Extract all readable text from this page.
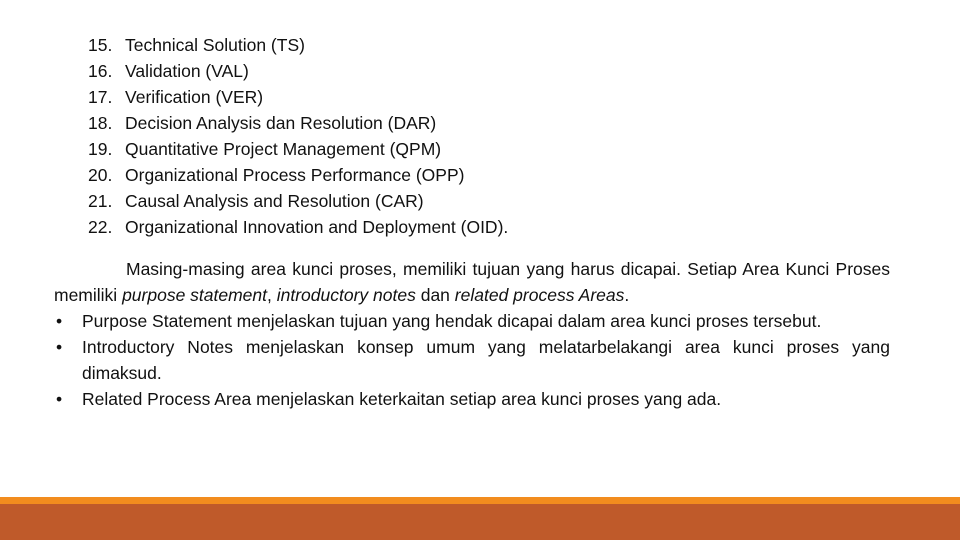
15. Technical Solution (TS)
16. Validation (VAL)
17. Verification (VER)
18. Decision Analysis dan Resolution (DAR)
19. Quantitative Project Management (QPM)
20. Organizational Process Performance (OPP)
21. Causal Analysis and Resolution (CAR)
22. Organizational Innovation and Deployment (OID).

Masing-masing area kunci proses, memiliki tujuan yang harus dicapai. Setiap Area Kunci Proses memiliki purpose statement, introductory notes dan related process Areas.

•	Purpose Statement menjelaskan tujuan yang hendak dicapai dalam area kunci proses tersebut.
•	Introductory Notes menjelaskan konsep umum yang melatarbelakangi area kunci proses yang dimaksud.
•	Related Process Area menjelaskan keterkaitan setiap area kunci proses yang ada.
